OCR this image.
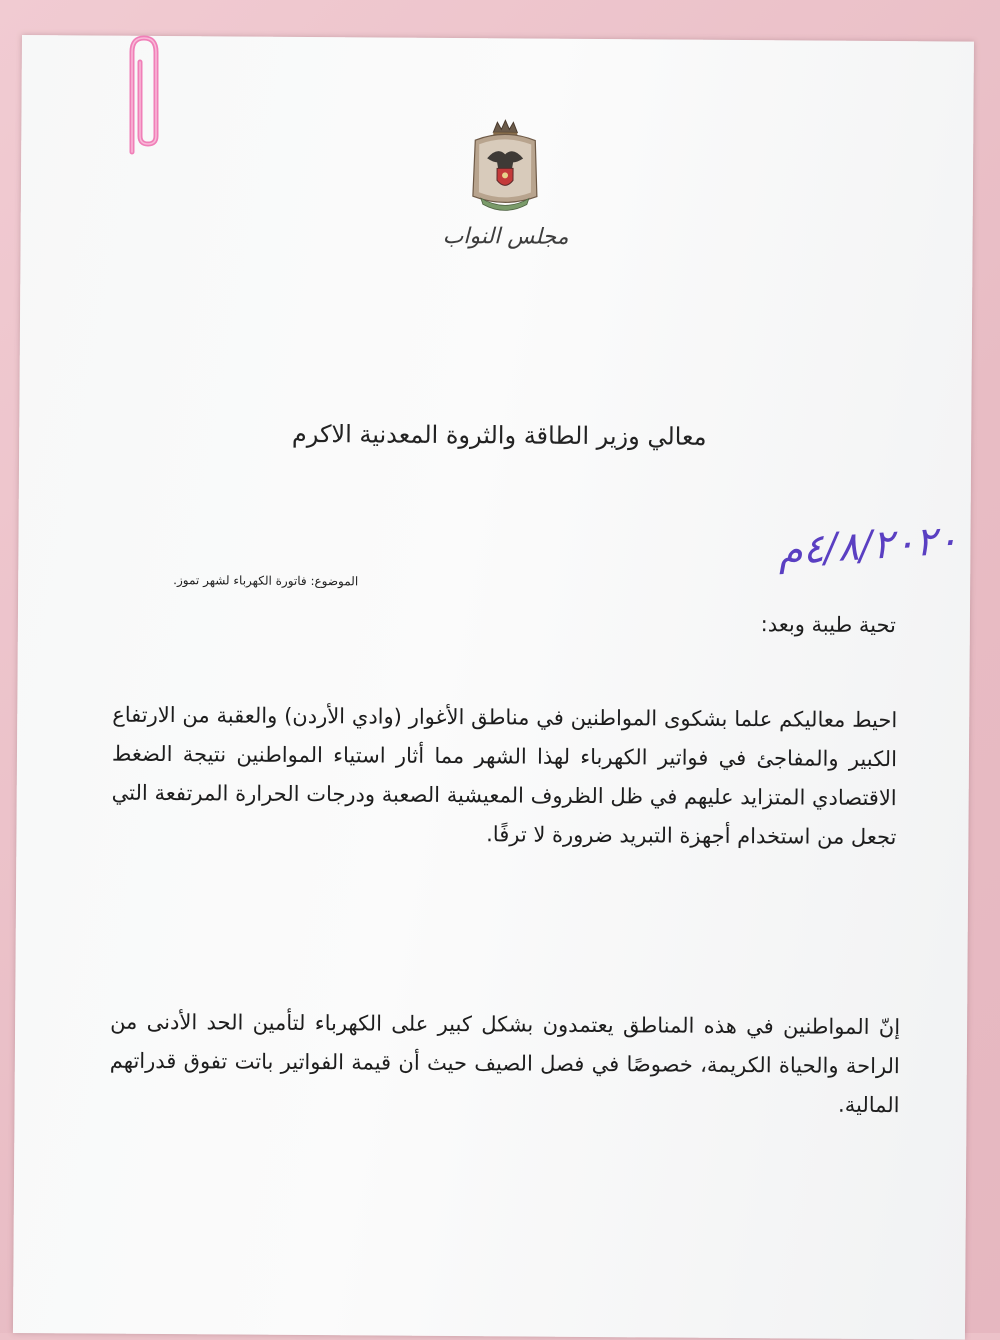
مجلس النواب
معالي وزير الطاقة والثروة المعدنية الاكرم
٤/٨/٢٠٢٠م
الموضوع: فاتورة الكهرباء لشهر تموز.
تحية طيبة وبعد:
احيط معاليكم علما بشكوى المواطنين في مناطق الأغوار (وادي الأردن) والعقبة من الارتفاع الكبير والمفاجئ في فواتير الكهرباء لهذا الشهر مما أثار استياء المواطنين نتيجة الضغط الاقتصادي المتزايد عليهم في ظل الظروف المعيشية الصعبة ودرجات الحرارة المرتفعة التي تجعل من استخدام أجهزة التبريد ضرورة لا ترفًا.
إنّ المواطنين في هذه المناطق يعتمدون بشكل كبير على الكهرباء لتأمين الحد الأدنى من الراحة والحياة الكريمة، خصوصًا في فصل الصيف حيث أن قيمة الفواتير باتت تفوق قدراتهم المالية.
